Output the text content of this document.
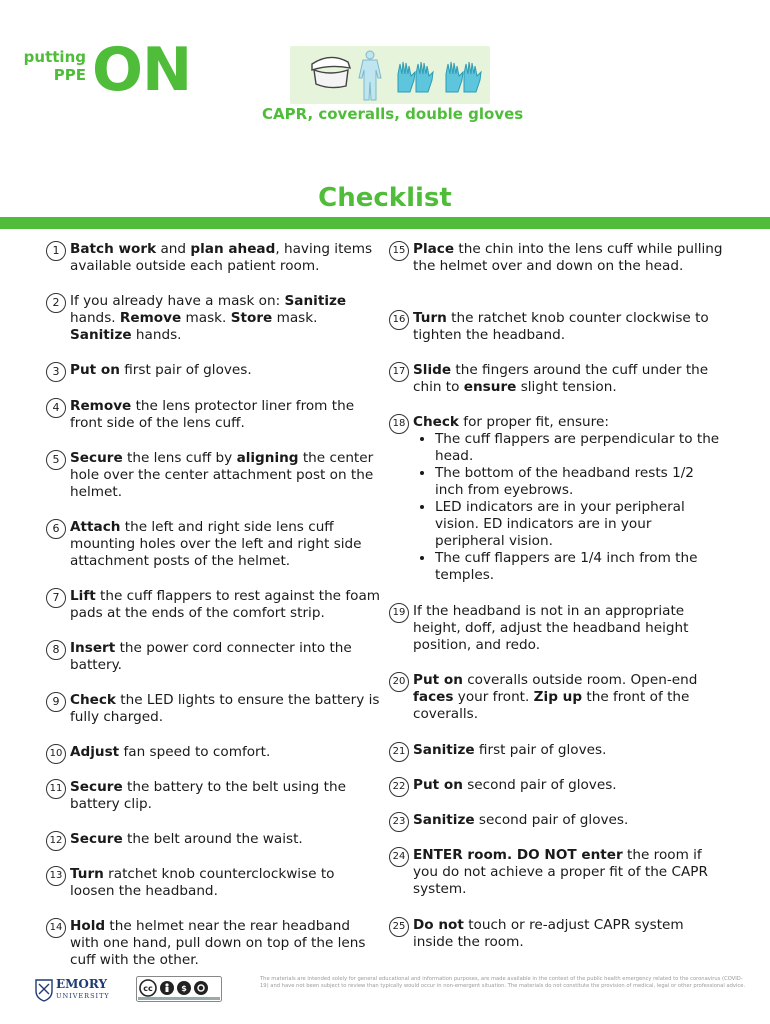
putting
PPE ON
CAPR, coveralls, double gloves
Checklist
1 Batch work and plan ahead, having items available outside each patient room.
2 If you already have a mask on: Sanitize hands. Remove mask. Store mask. Sanitize hands.
3 Put on first pair of gloves.
4 Remove the lens protector liner from the front side of the lens cuff.
5 Secure the lens cuff by aligning the center hole over the center attachment post on the helmet.
6 Attach the left and right side lens cuff mounting holes over the left and right side attachment posts of the helmet.
7 Lift the cuff flappers to rest against the foam pads at the ends of the comfort strip.
8 Insert the power cord connecter into the battery.
9 Check the LED lights to ensure the battery is fully charged.
10 Adjust fan speed to comfort.
11 Secure the battery to the belt using the battery clip.
12 Secure the belt around the waist.
13 Turn ratchet knob counterclockwise to loosen the headband.
14 Hold the helmet near the rear headband with one hand, pull down on top of the lens cuff with the other.
15 Place the chin into the lens cuff while pulling the helmet over and down on the head.
16 Turn the ratchet knob counter clockwise to tighten the headband.
17 Slide the fingers around the cuff under the chin to ensure slight tension.
18 Check for proper fit, ensure:
• The cuff flappers are perpendicular to the head.
• The bottom of the headband rests 1/2 inch from eyebrows.
• LED indicators are in your peripheral vision. ED indicators are in your peripheral vision.
• The cuff flappers are 1/4 inch from the temples.
19 If the headband is not in an appropriate height, doff, adjust the headband height position, and redo.
20 Put on coveralls outside room. Open-end faces your front. Zip up the front of the coveralls.
21 Sanitize first pair of gloves.
22 Put on second pair of gloves.
23 Sanitize second pair of gloves.
24 ENTER room. DO NOT enter the room if you do not achieve a proper fit of the CAPR system.
25 Do not touch or re-adjust CAPR system inside the room.
EMORY
UNIVERSITY
cc	$
The materials are intended solely for general educational and information purposes, are made available in the context of the public health emergency related to the coronavirus (COVID-19) and have not been subject to review than typically would occur in non-emergent situation. The materials do not constitute the provision of medical, legal or other professional advice.
